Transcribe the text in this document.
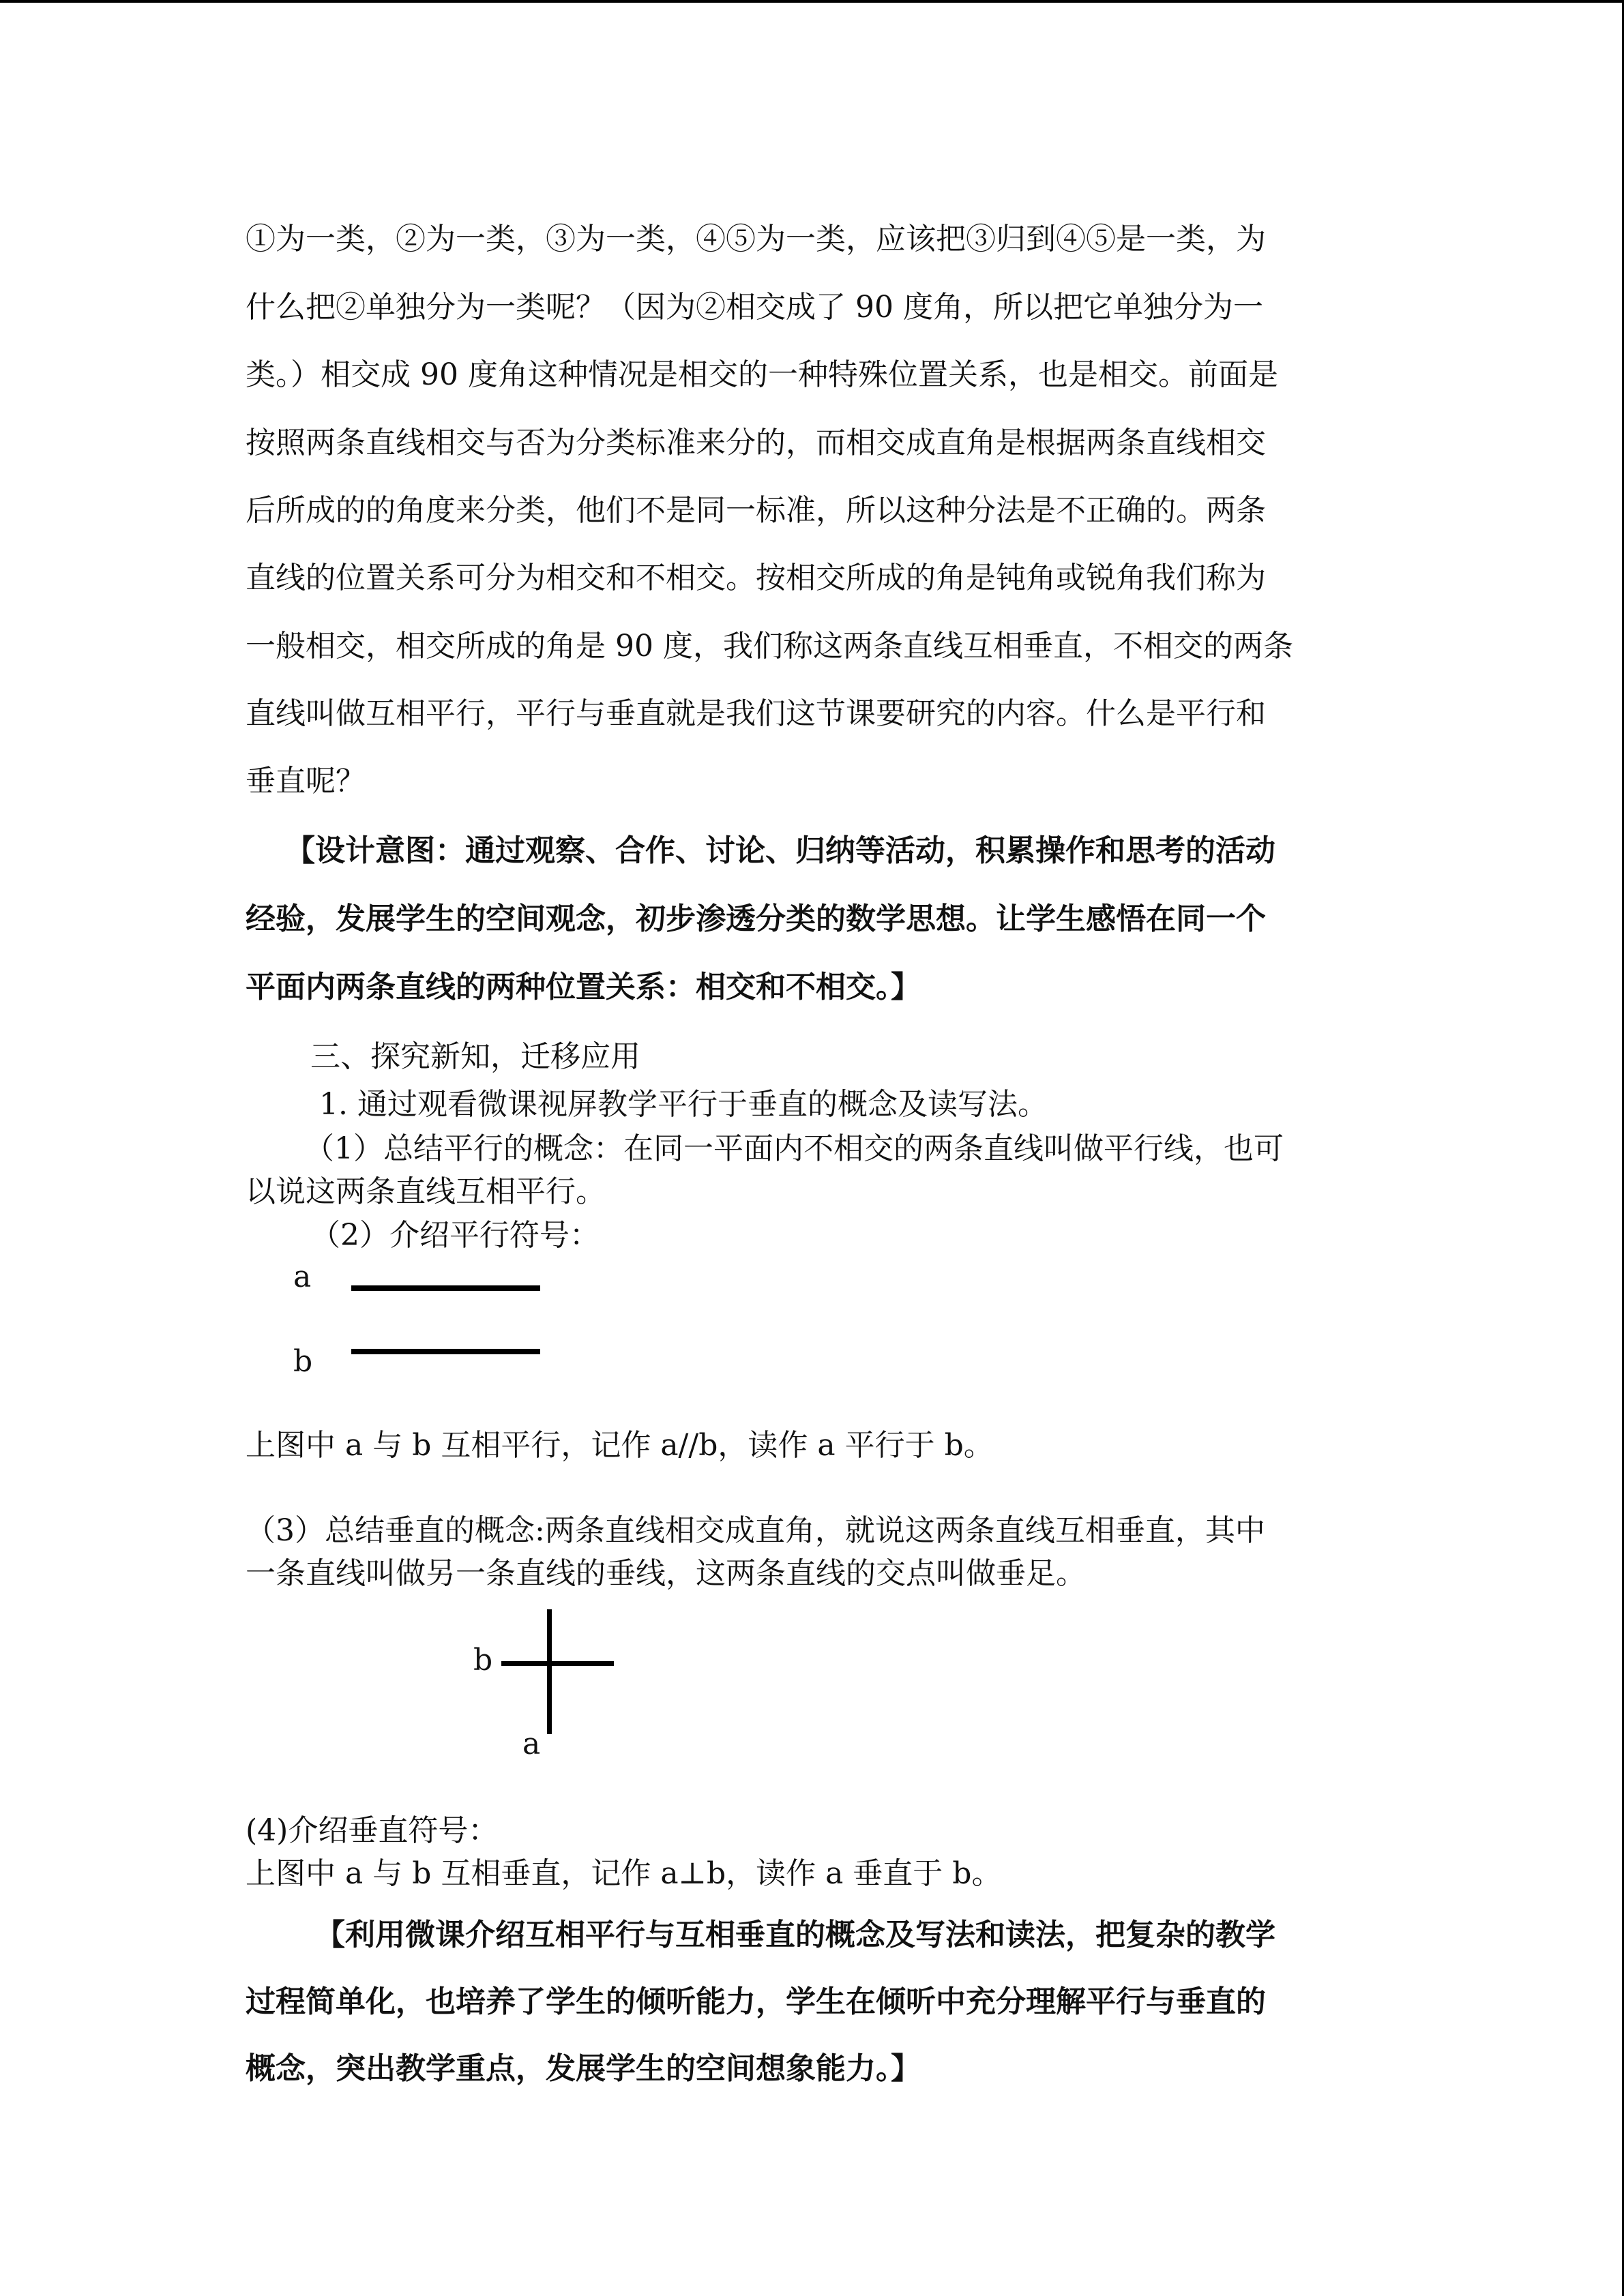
①为一类，②为一类，③为一类，④⑤为一类，应该把③归到④⑤是一类，为
什么把②单独分为一类呢？（因为②相交成了 90 度角，所以把它单独分为一
类。）相交成 90 度角这种情况是相交的一种特殊位置关系，也是相交。前面是
按照两条直线相交与否为分类标准来分的，而相交成直角是根据两条直线相交
后所成的的角度来分类，他们不是同一标准，所以这种分法是不正确的。两条
直线的位置关系可分为相交和不相交。按相交所成的角是钝角或锐角我们称为
一般相交，相交所成的角是 90 度，我们称这两条直线互相垂直，不相交的两条
直线叫做互相平行，平行与垂直就是我们这节课要研究的内容。什么是平行和
垂直呢？
【设计意图：通过观察、合作、讨论、归纳等活动，积累操作和思考的活动
经验，发展学生的空间观念，初步渗透分类的数学思想。让学生感悟在同一个
平面内两条直线的两种位置关系：相交和不相交。】
三、探究新知，迁移应用
1. 通过观看微课视屏教学平行于垂直的概念及读写法。
（1）总结平行的概念：在同一平面内不相交的两条直线叫做平行线，也可
以说这两条直线互相平行。
（2）介绍平行符号：
a
b
上图中 a 与 b 互相平行，记作 a//b，读作 a 平行于 b。
（3）总结垂直的概念:两条直线相交成直角，就说这两条直线互相垂直，其中
一条直线叫做另一条直线的垂线，这两条直线的交点叫做垂足。
b
a
(4)介绍垂直符号：
上图中 a 与 b 互相垂直，记作 a⊥b，读作 a 垂直于 b。
【利用微课介绍互相平行与互相垂直的概念及写法和读法，把复杂的教学
过程简单化，也培养了学生的倾听能力，学生在倾听中充分理解平行与垂直的
概念，突出教学重点，发展学生的空间想象能力。】
